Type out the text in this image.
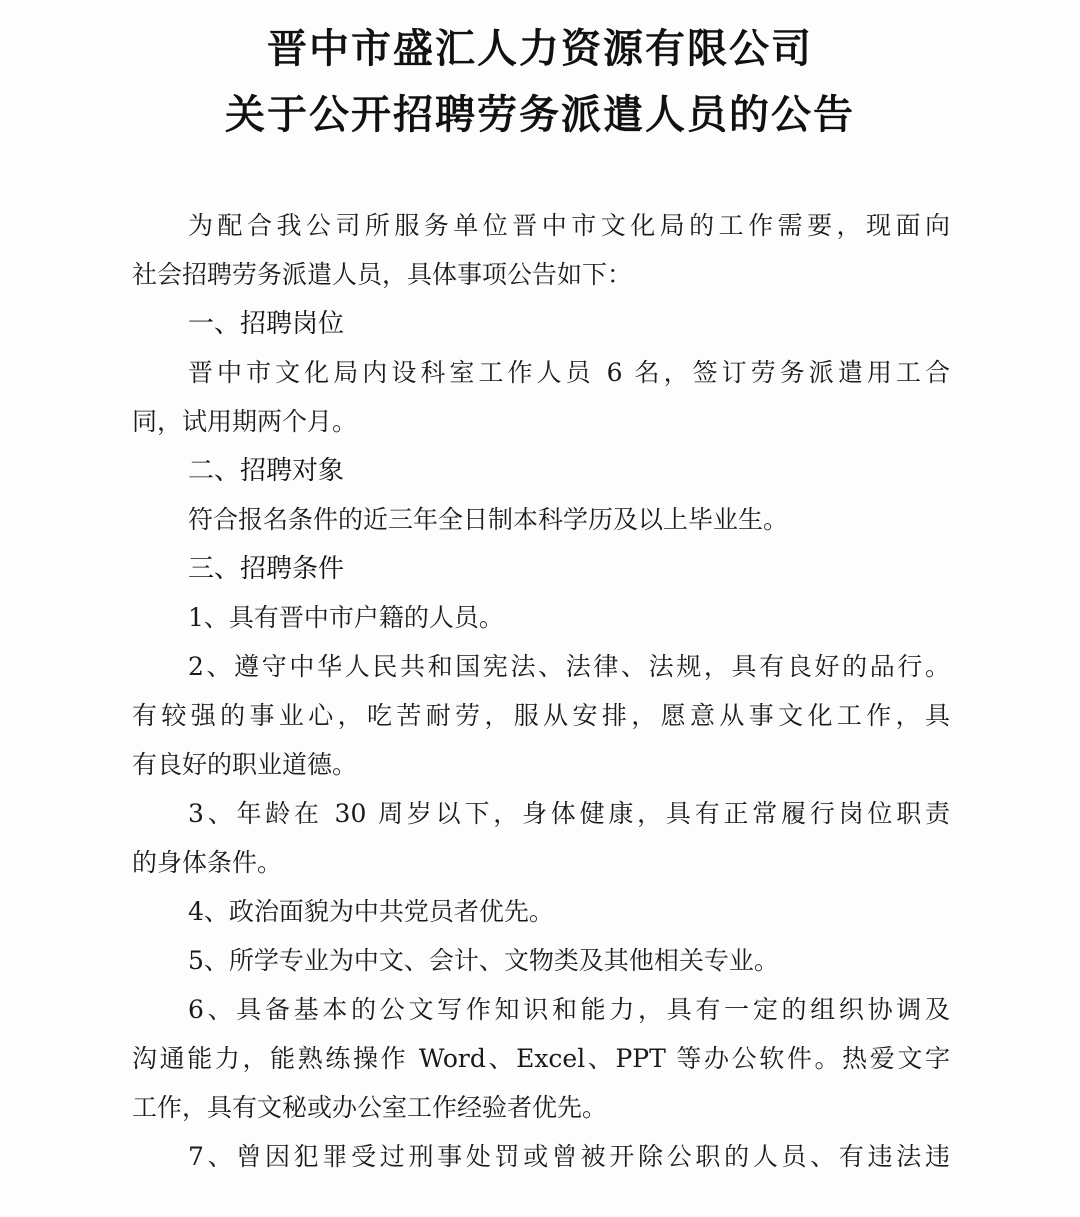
晋中市盛汇人力资源有限公司
关于公开招聘劳务派遣人员的公告
为配合我公司所服务单位晋中市文化局的工作需要，现面向
社会招聘劳务派遣人员，具体事项公告如下：
一、招聘岗位
晋中市文化局内设科室工作人员 6 名，签订劳务派遣用工合
同，试用期两个月。
二、招聘对象
符合报名条件的近三年全日制本科学历及以上毕业生。
三、招聘条件
1、具有晋中市户籍的人员。
2、遵守中华人民共和国宪法、法律、法规，具有良好的品行。
有较强的事业心，吃苦耐劳，服从安排，愿意从事文化工作，具
有良好的职业道德。
3、年龄在 30 周岁以下，身体健康，具有正常履行岗位职责
的身体条件。
4、政治面貌为中共党员者优先。
5、所学专业为中文、会计、文物类及其他相关专业。
6、具备基本的公文写作知识和能力，具有一定的组织协调及
沟通能力，能熟练操作 Word、Excel、PPT 等办公软件。热爱文字
工作，具有文秘或办公室工作经验者优先。
7、曾因犯罪受过刑事处罚或曾被开除公职的人员、有违法违
